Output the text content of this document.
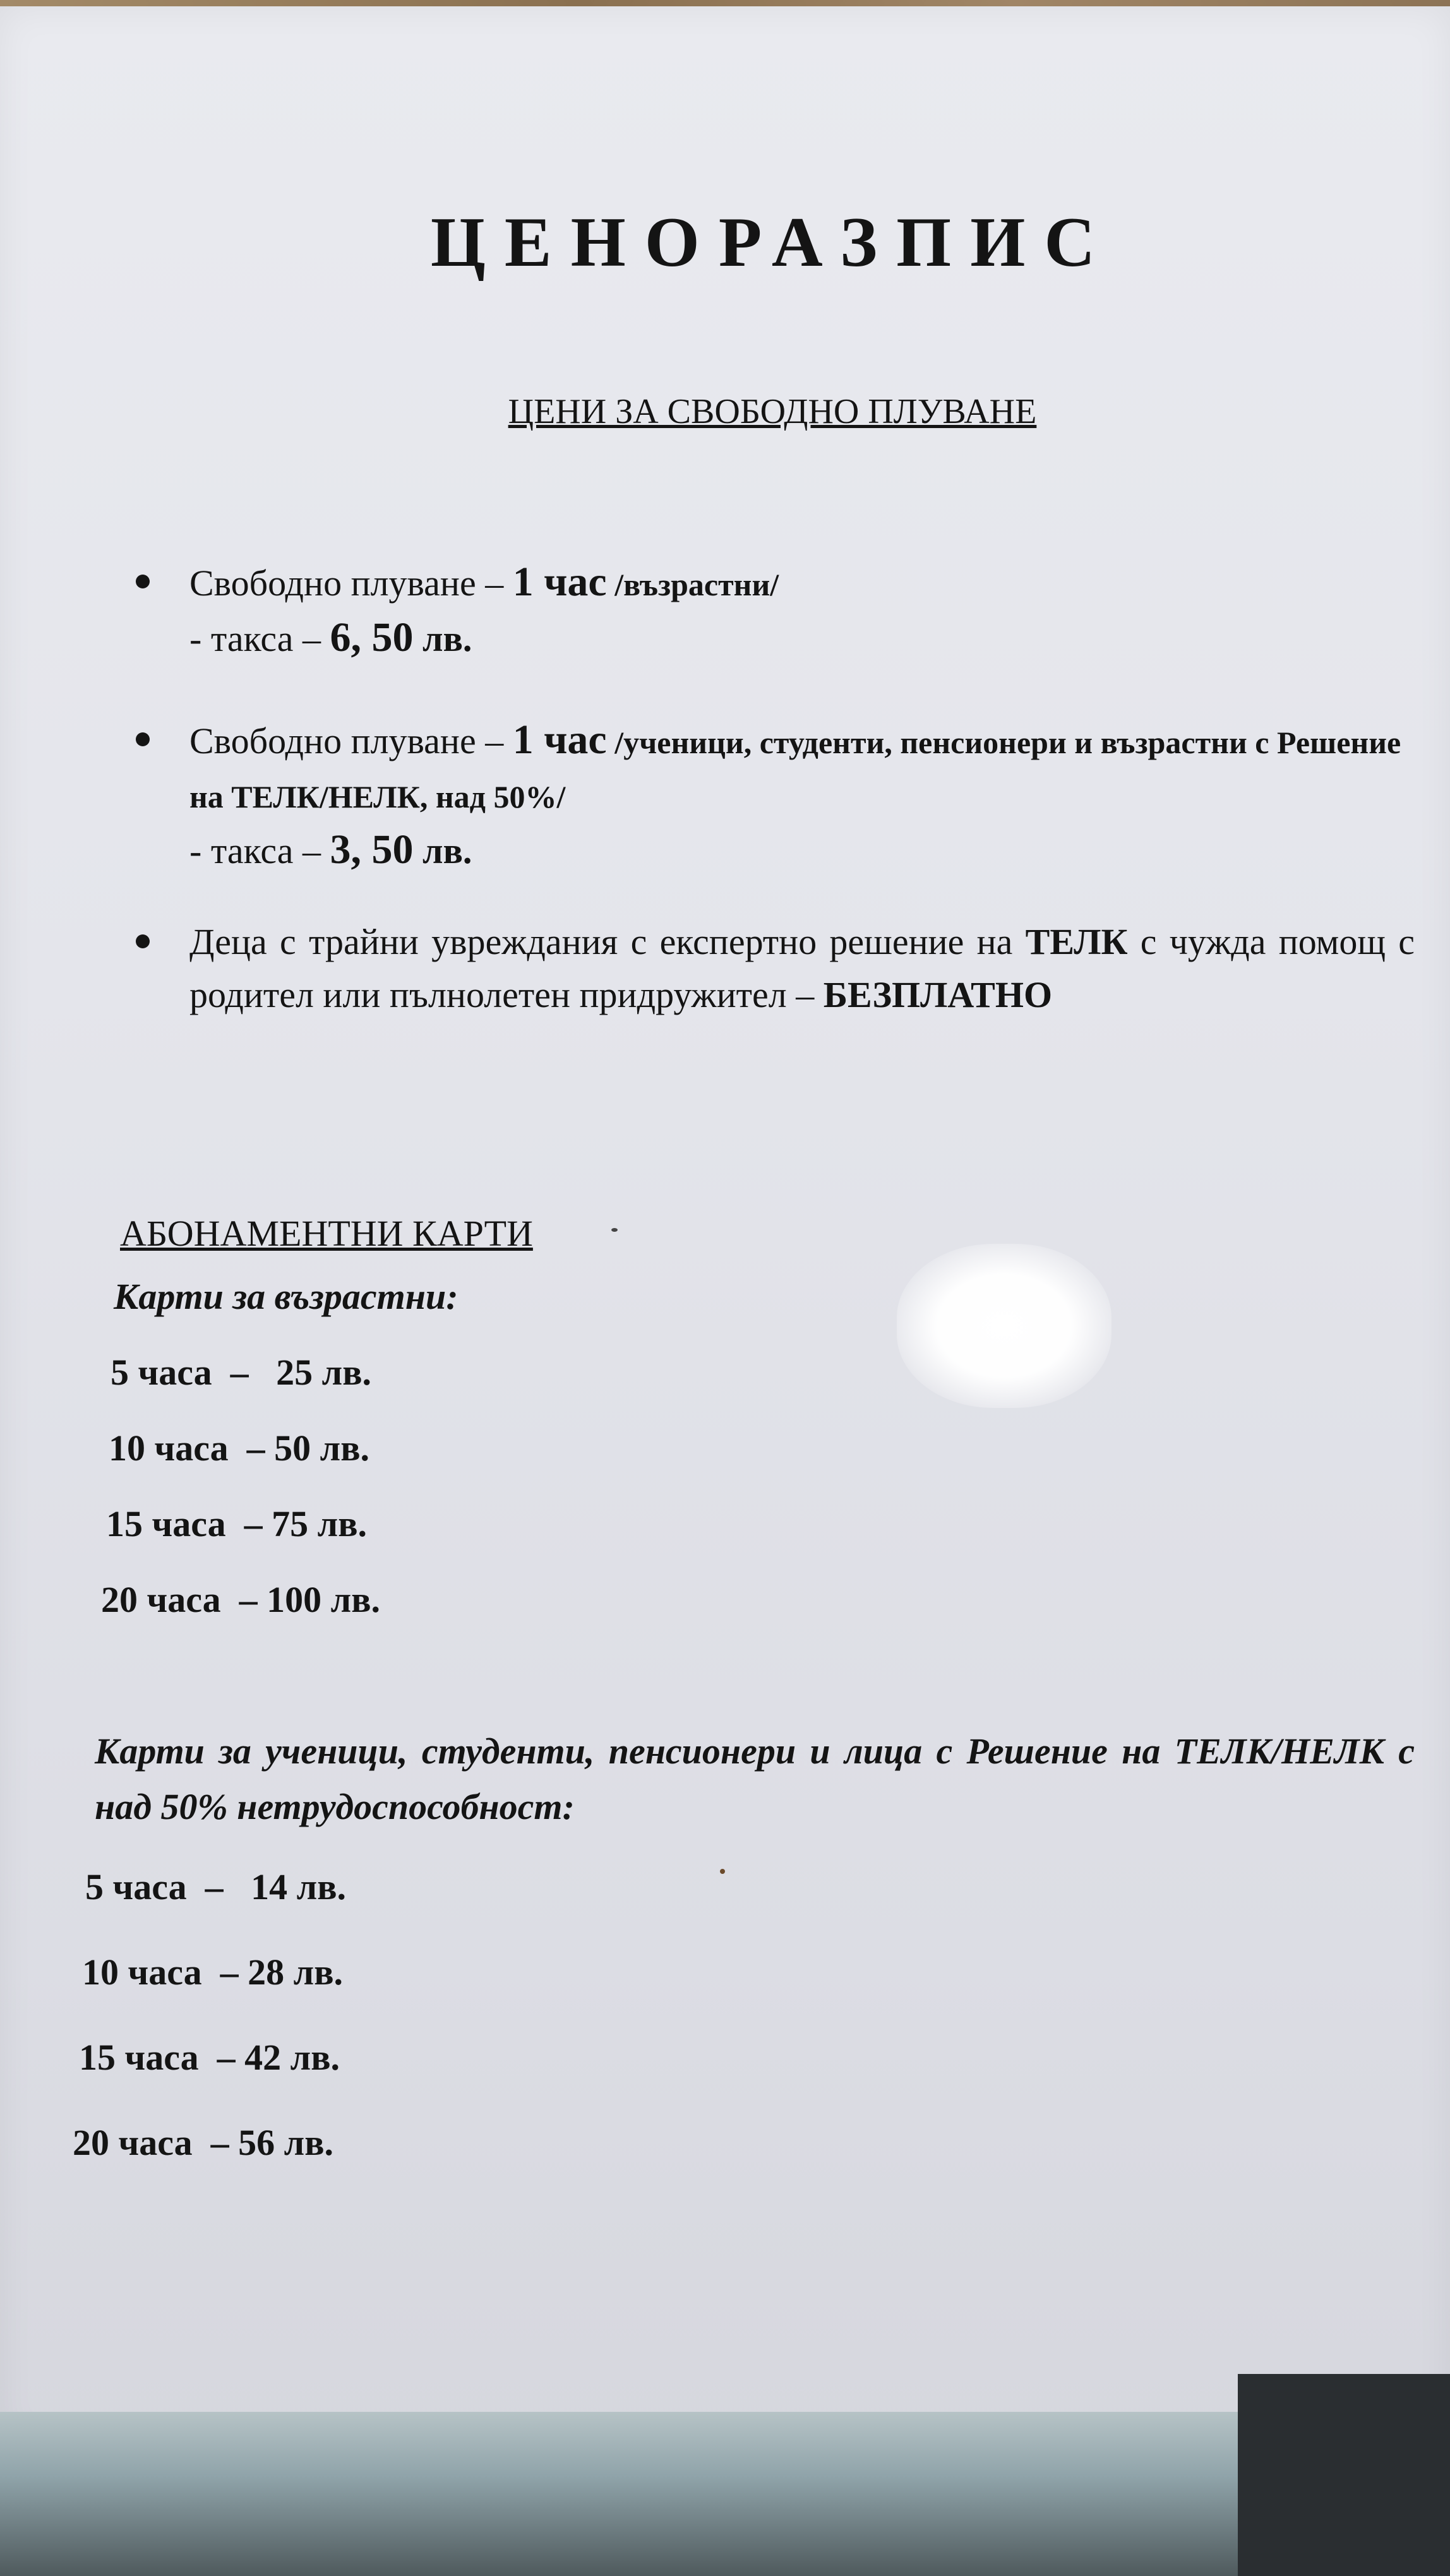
ЦЕНОРАЗПИС
ЦЕНИ ЗА СВОБОДНО ПЛУВАНЕ
Свободно плуване – 1 час /възрастни/
- такса – 6, 50 лв.
Свободно плуване – 1 час /ученици, студенти, пенсионери и възрастни с Решение на ТЕЛК/НЕЛК, над 50%/
- такса – 3, 50 лв.
Деца с трайни увреждания с експертно решение на ТЕЛК с чужда помощ с родител или пълнолетен придружител – БЕЗПЛАТНО
АБОНАМЕНТНИ КАРТИ
Карти за възрастни:
5 часа  –   25 лв.
10 часа  – 50 лв.
15 часа  – 75 лв.
20 часа  – 100 лв.
Карти за ученици, студенти, пенсионери и лица с Решение на ТЕЛК/НЕЛК с над 50% нетрудоспособност:
5 часа  –   14 лв.
10 часа  – 28 лв.
15 часа  – 42 лв.
20 часа  – 56 лв.
